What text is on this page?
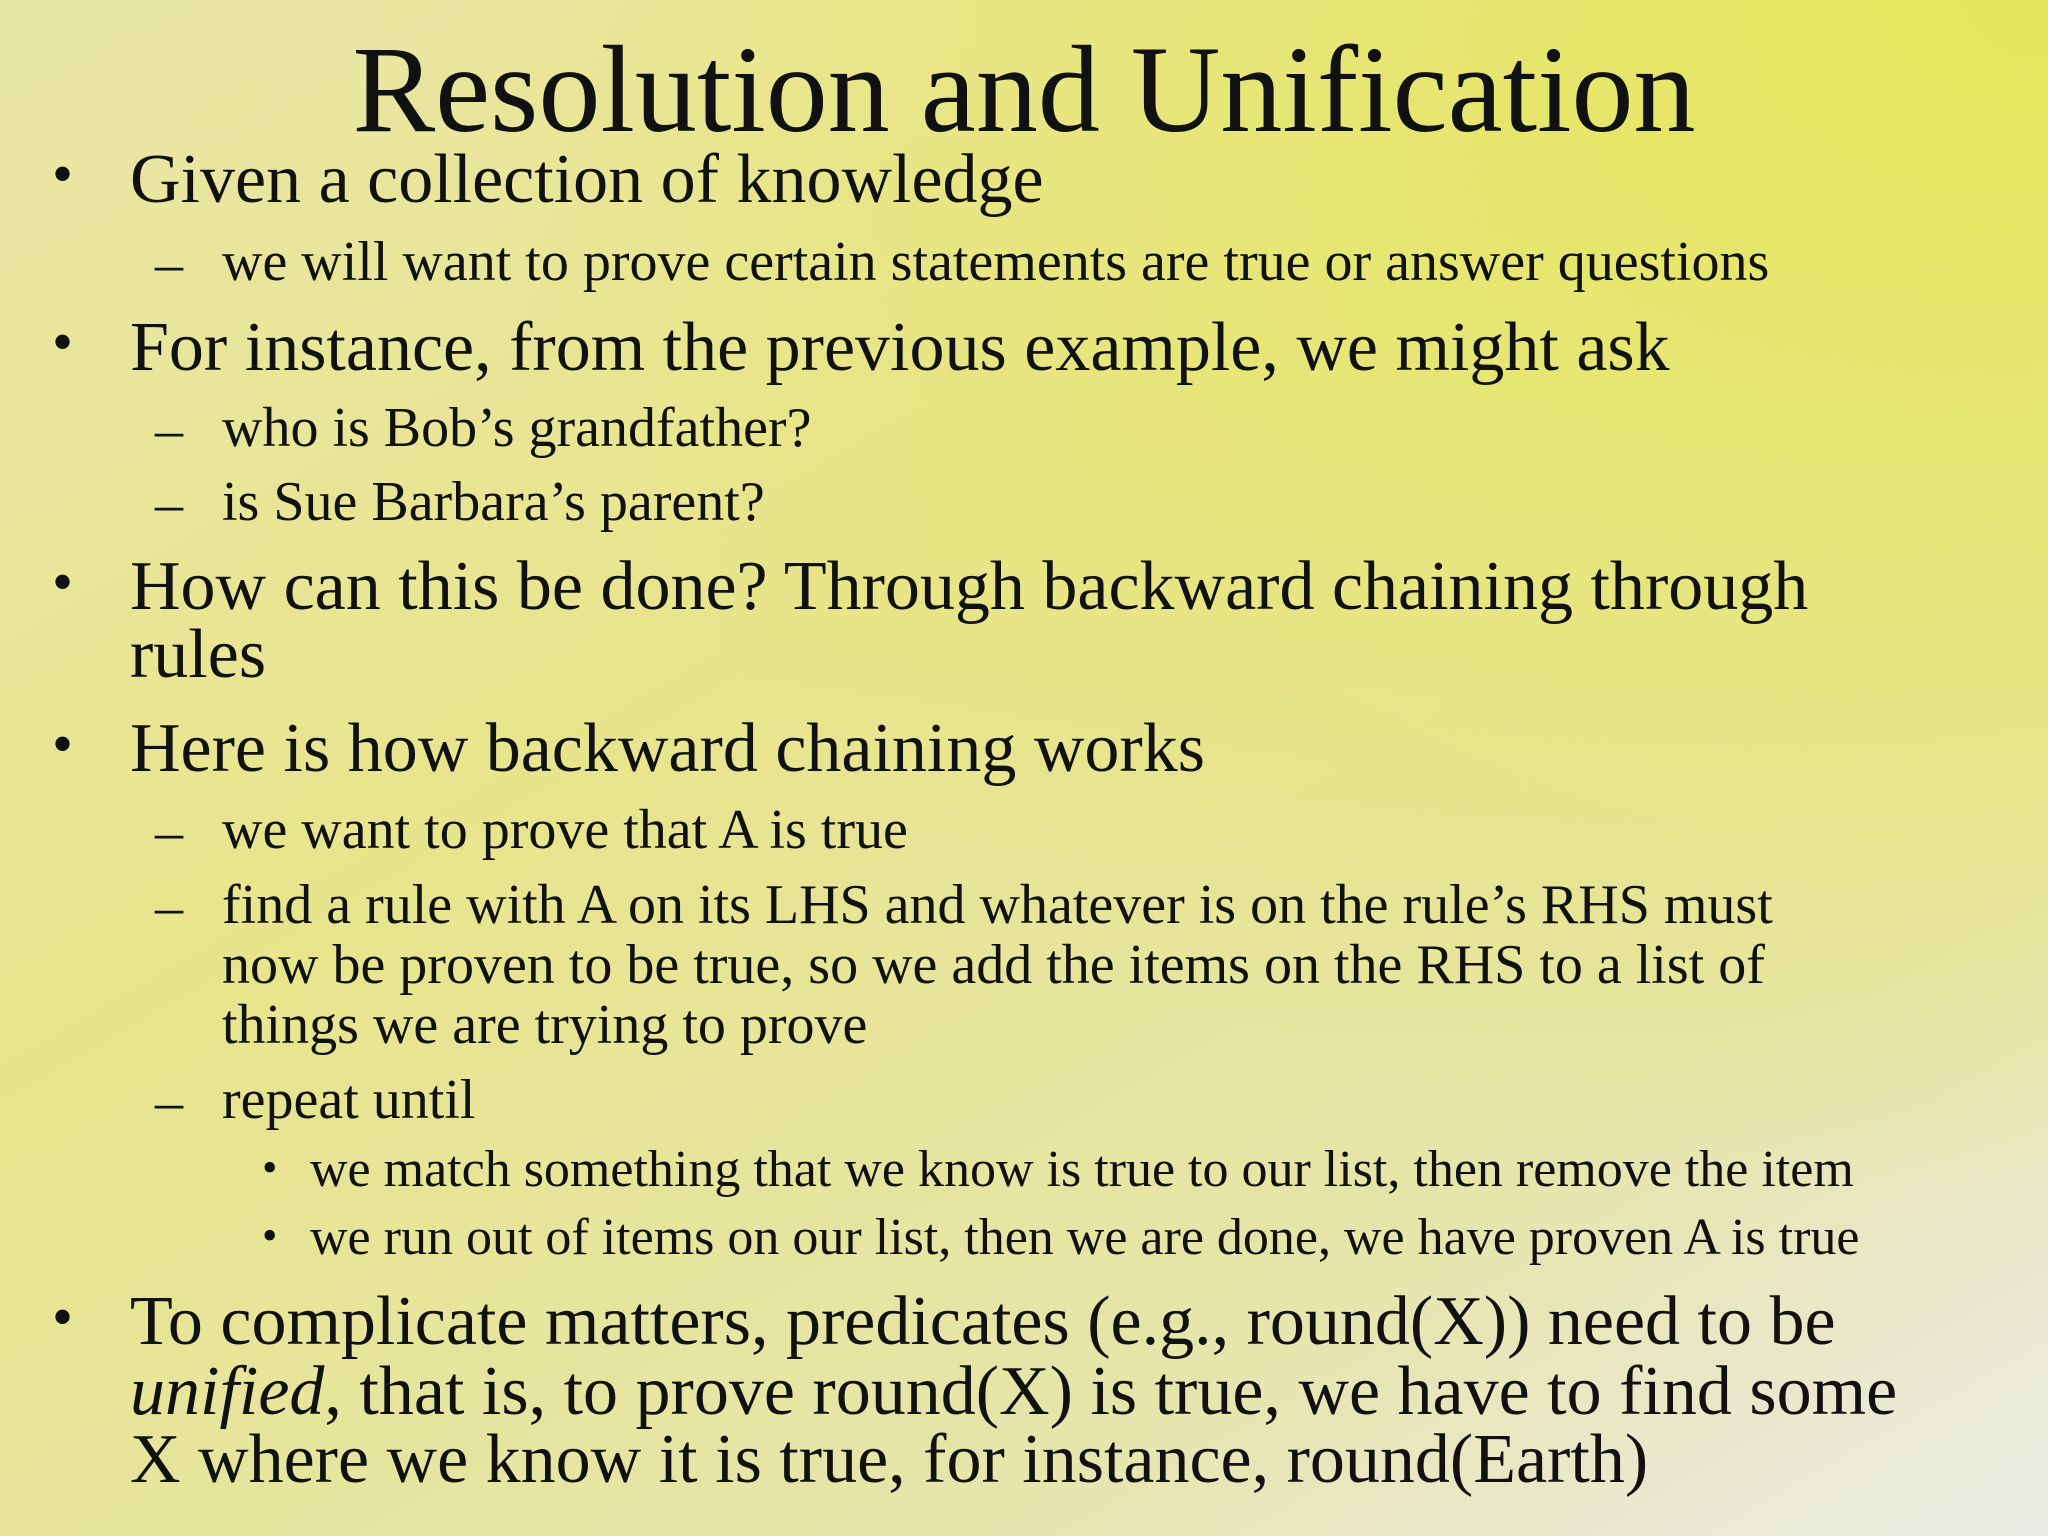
Resolution and Unification
• Given a collection of knowledge

– we will want to prove certain statements are true or answer questions

• For instance, from the previous example, we might ask

– who is Bob’s grandfather?

– is Sue Barbara’s parent?

• How can this be done? Through backward chaining through

rules

• Here is how backward chaining works

– we want to prove that A is true

– find a rule with A on its LHS and whatever is on the rule’s RHS must

now be proven to be true, so we add the items on the RHS to a list of

things we are trying to prove

– repeat until

• we match something that we know is true to our list, then remove the item

• we run out of items on our list, then we are done, we have proven A is true

• To complicate matters, predicates (e.g., round(X)) need to be

unified, that is, to prove round(X) is true, we have to find some

X where we know it is true, for instance, round(Earth)
